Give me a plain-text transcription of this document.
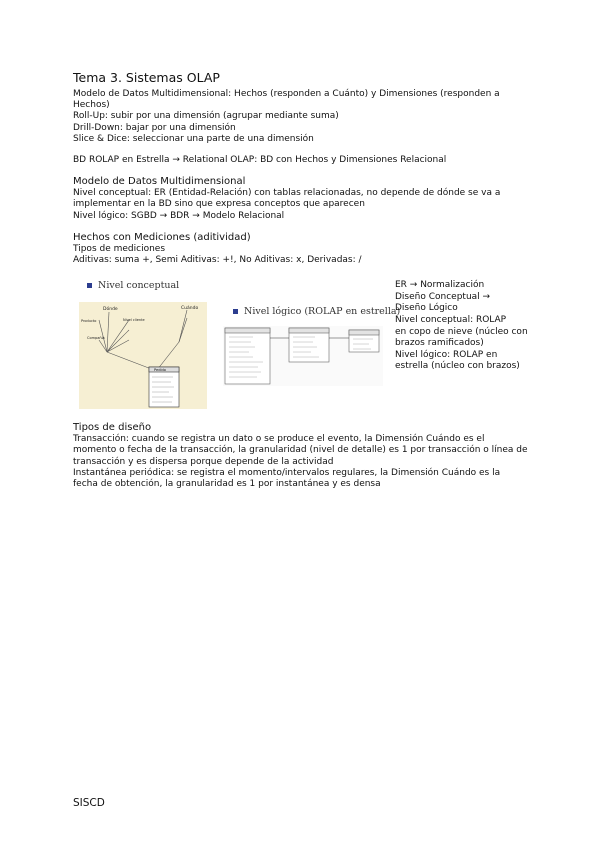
Tema 3. Sistemas OLAP

Modelo de Datos Multidimensional: Hechos (responden a Cuánto) y Dimensiones (responden a

Hechos)

Roll-Up: subir por una dimensión (agrupar mediante suma)

Drill-Down: bajar por una dimensión

Slice & Dice: seleccionar una parte de una dimensión

BD ROLAP en Estrella → Relational OLAP: BD con Hechos y Dimensiones Relacional

Modelo de Datos Multidimensional

Nivel conceptual: ER (Entidad-Relación) con tablas relacionadas, no depende de dónde se va a

implementar en la BD sino que expresa conceptos que aparecen

Nivel lógico: SGBD → BDR → Modelo Relacional

Hechos con Mediciones (aditividad)

Tipos de mediciones

Aditivas: suma +, Semi Aditivas: +!, No Aditivas: x, Derivadas: /

Nivel conceptual
Dónde	Cuándo
Producto	Nivel cliente
Compañía
Pedido
Nivel lógico (ROLAP en estrella)

ER → Normalización

Diseño Conceptual →

Diseño Lógico

Nivel conceptual: ROLAP

en copo de nieve (núcleo con

brazos ramificados)

Nivel lógico: ROLAP en

estrella (núcleo con brazos)

Tipos de diseño

Transacción: cuando se registra un dato o se produce el evento, la Dimensión Cuándo es el

momento o fecha de la transacción, la granularidad (nivel de detalle) es 1 por transacción o línea de

transacción y es dispersa porque depende de la actividad

Instantánea periódica: se registra el momento/intervalos regulares, la Dimensión Cuándo es la

fecha de obtención, la granularidad es 1 por instantánea y es densa

SISCD
